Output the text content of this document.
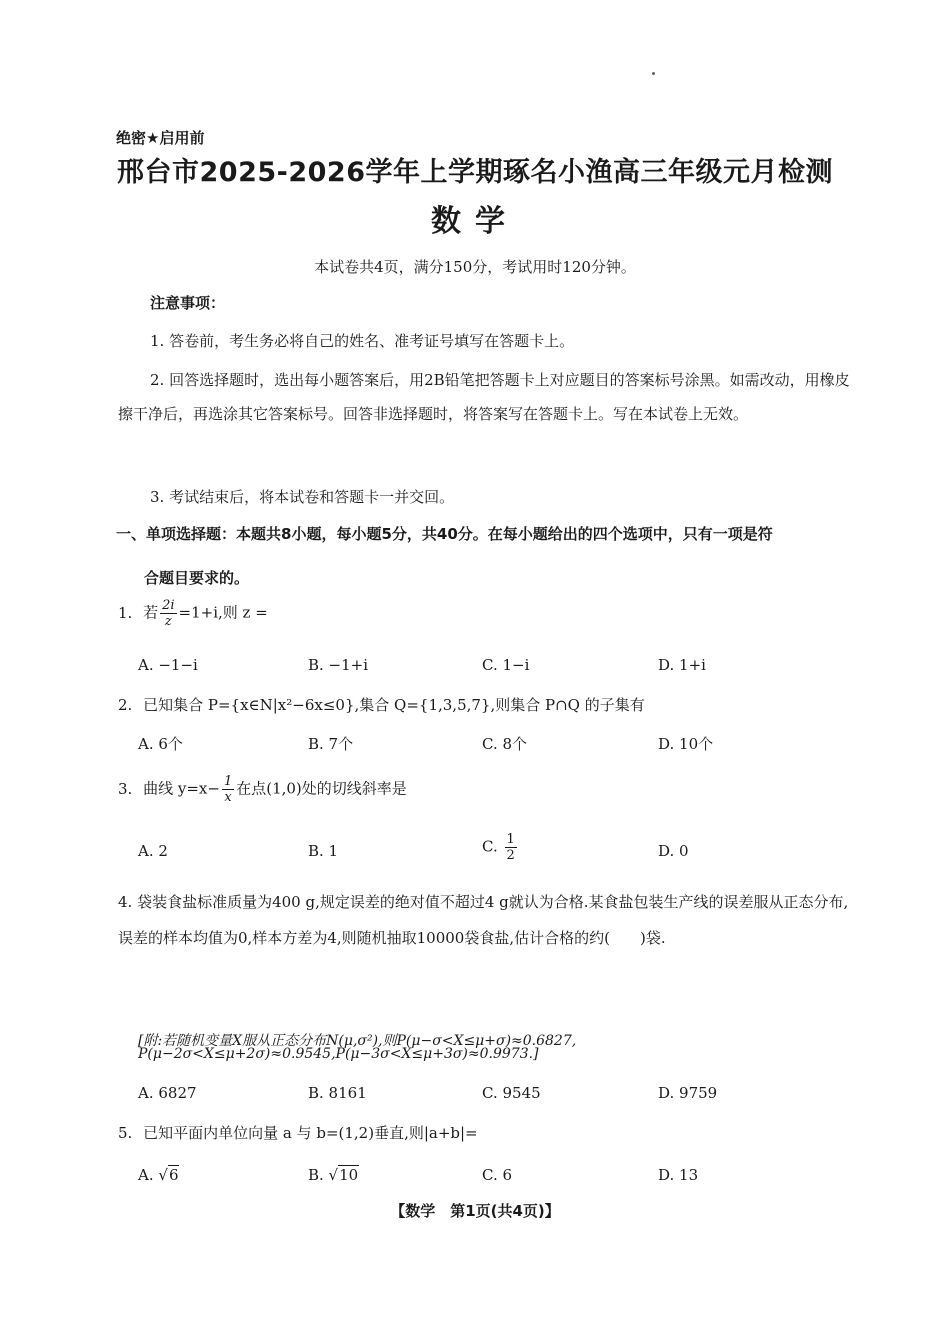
绝密★启用前
邢台市2025-2026学年上学期琢名小渔高三年级元月检测
数学
本试卷共4页，满分150分，考试用时120分钟。
注意事项：
1. 答卷前，考生务必将自己的姓名、准考证号填写在答题卡上。
2. 回答选择题时，选出每小题答案后，用2B铅笔把答题卡上对应题目的答案标号涂黑。如需改动，用橡皮擦干净后，再选涂其它答案标号。回答非选择题时，将答案写在答题卡上。写在本试卷上无效。
3. 考试结束后，将本试卷和答题卡一并交回。
一、单项选择题：本题共8小题，每小题5分，共40分。在每小题给出的四个选项中，只有一项是符
合题目要求的。
1. 若 $\frac{2i}{z} =1+i$,则 z =
A. −1−i	B. −1+i	C. 1−i	D. 1+i
2. 已知集合 P={x∈N|x²−6x≤0},集合 Q={1,3,5,7},则集合 P∩Q 的子集有
A. 6个	B. 7个	C. 8个	D. 10个
3. 曲线 $y=x- \frac{1}{x}$ 在点(1,0)处的切线斜率是
A. 2	B. 1	C. $\frac{1}{2}$	D. 0
4. 袋装食盐标准质量为400 g,规定误差的绝对值不超过4 g就认为合格.某食盐包装生产线的误差服从正态分布,误差的样本均值为0,样本方差为4,则随机抽取10000袋食盐,估计合格的约(　　)袋.
[附:若随机变量X服从正态分布N(μ,σ²),则P(μ−σ<X≤μ+σ)≈0.6827,
P(μ−2σ<X≤μ+2σ)≈0.9545,P(μ−3σ<X≤μ+3σ)≈0.9973.]
A. 6827	B. 8161	C. 9545	D. 9759
5. 已知平面内单位向量 a 与 b=(1,2)垂直,则|a+b|=
A. √6	B. √10	C. 6	D. 13
【数学　第1页(共4页)】
